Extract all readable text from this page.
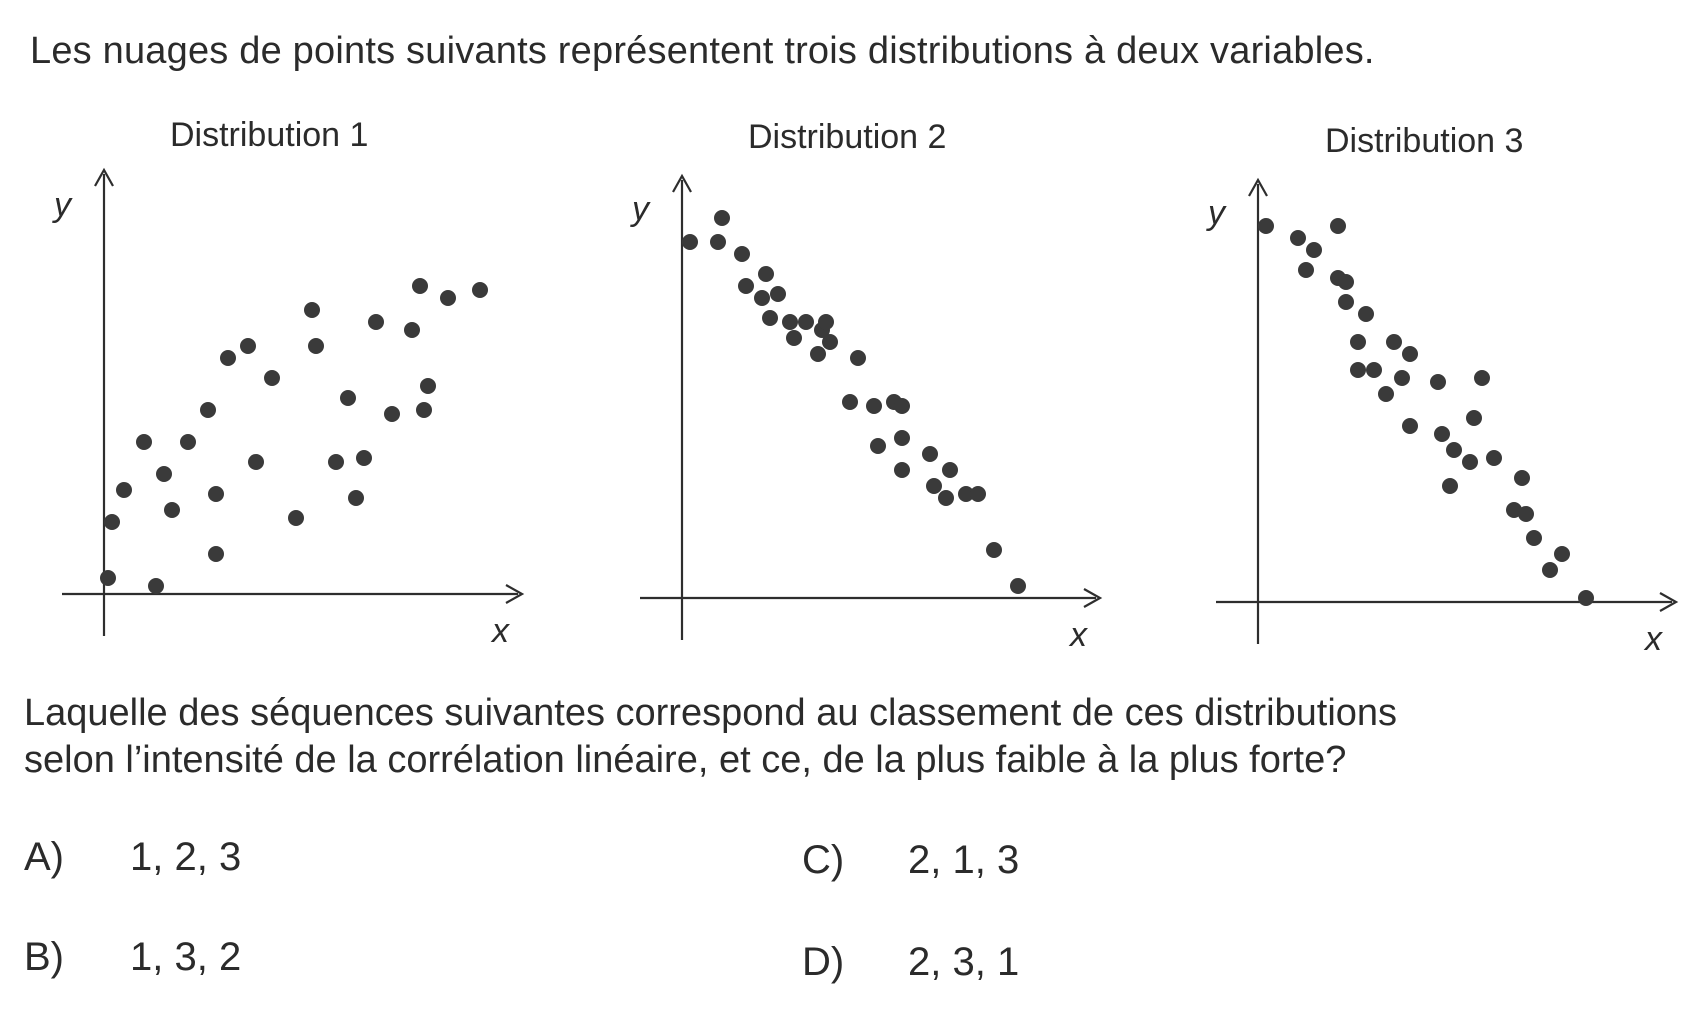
Les nuages de points suivants représentent trois distributions à deux variables.
Distribution 1	Distribution 2	Distribution 3
y
x
y
x
y
x
Laquelle des séquences suivantes correspond au classement de ces distributions
selon l’intensité de la corrélation linéaire, et ce, de la plus faible à la plus forte?
A) 1, 2, 3
B) 1, 3, 2
C) 2, 1, 3
D) 2, 3, 1
